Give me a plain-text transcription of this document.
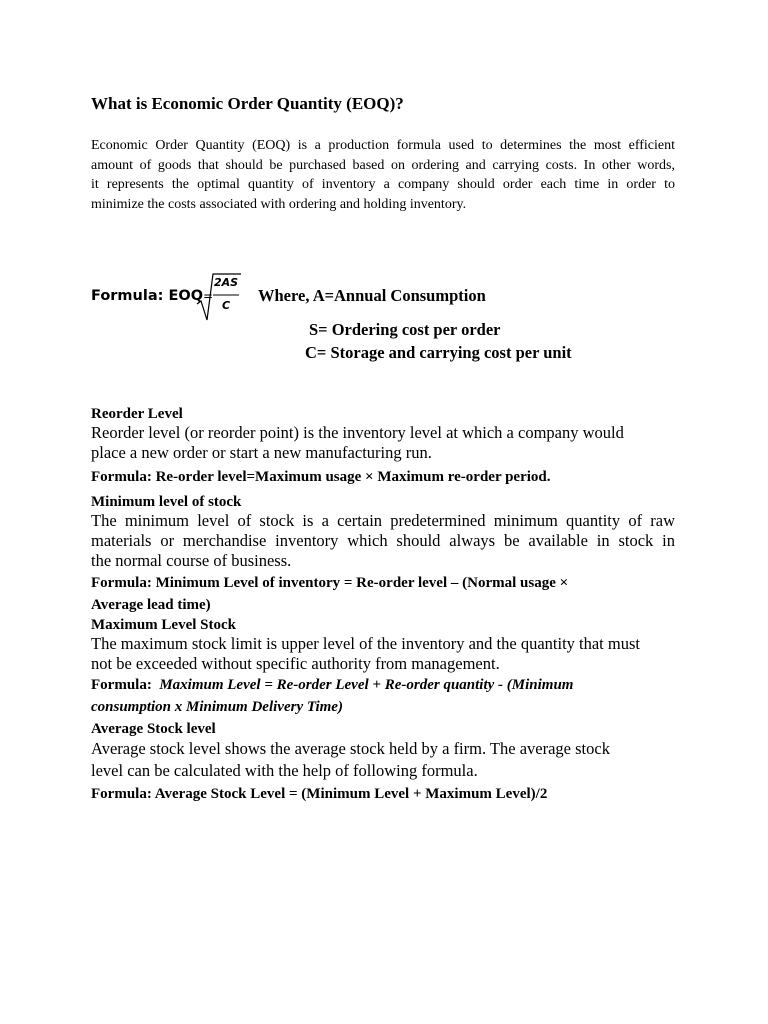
What is Economic Order Quantity (EOQ)?
Economic Order Quantity (EOQ) is a production formula used to determines the most efficient
amount of goods that should be purchased based on ordering and carrying costs. In other words,
it represents the optimal quantity of inventory a company should order each time in order to
minimize the costs associated with ordering and holding inventory.
Formula: EOQ=
2AS
C
Where, A=Annual Consumption
S= Ordering cost per order
C= Storage and carrying cost per unit
Reorder Level
Reorder level (or reorder point) is the inventory level at which a company would
place a new order or start a new manufacturing run.
Formula: Re-order level=Maximum usage × Maximum re-order period.
Minimum level of stock
The minimum level of stock is a certain predetermined minimum quantity of raw
materials or merchandise inventory which should always be available in stock in
the normal course of business.
Formula: Minimum Level of inventory = Re-order level – (Normal usage ×
Average lead time)
Maximum Level Stock
The maximum stock limit is upper level of the inventory and the quantity that must
not be exceeded without specific authority from management.
Formula: Maximum Level = Re-order Level + Re-order quantity - (Minimum
consumption x Minimum Delivery Time)
Average Stock level
Average stock level shows the average stock held by a firm. The average stock
level can be calculated with the help of following formula.
Formula: Average Stock Level = (Minimum Level + Maximum Level)/2
